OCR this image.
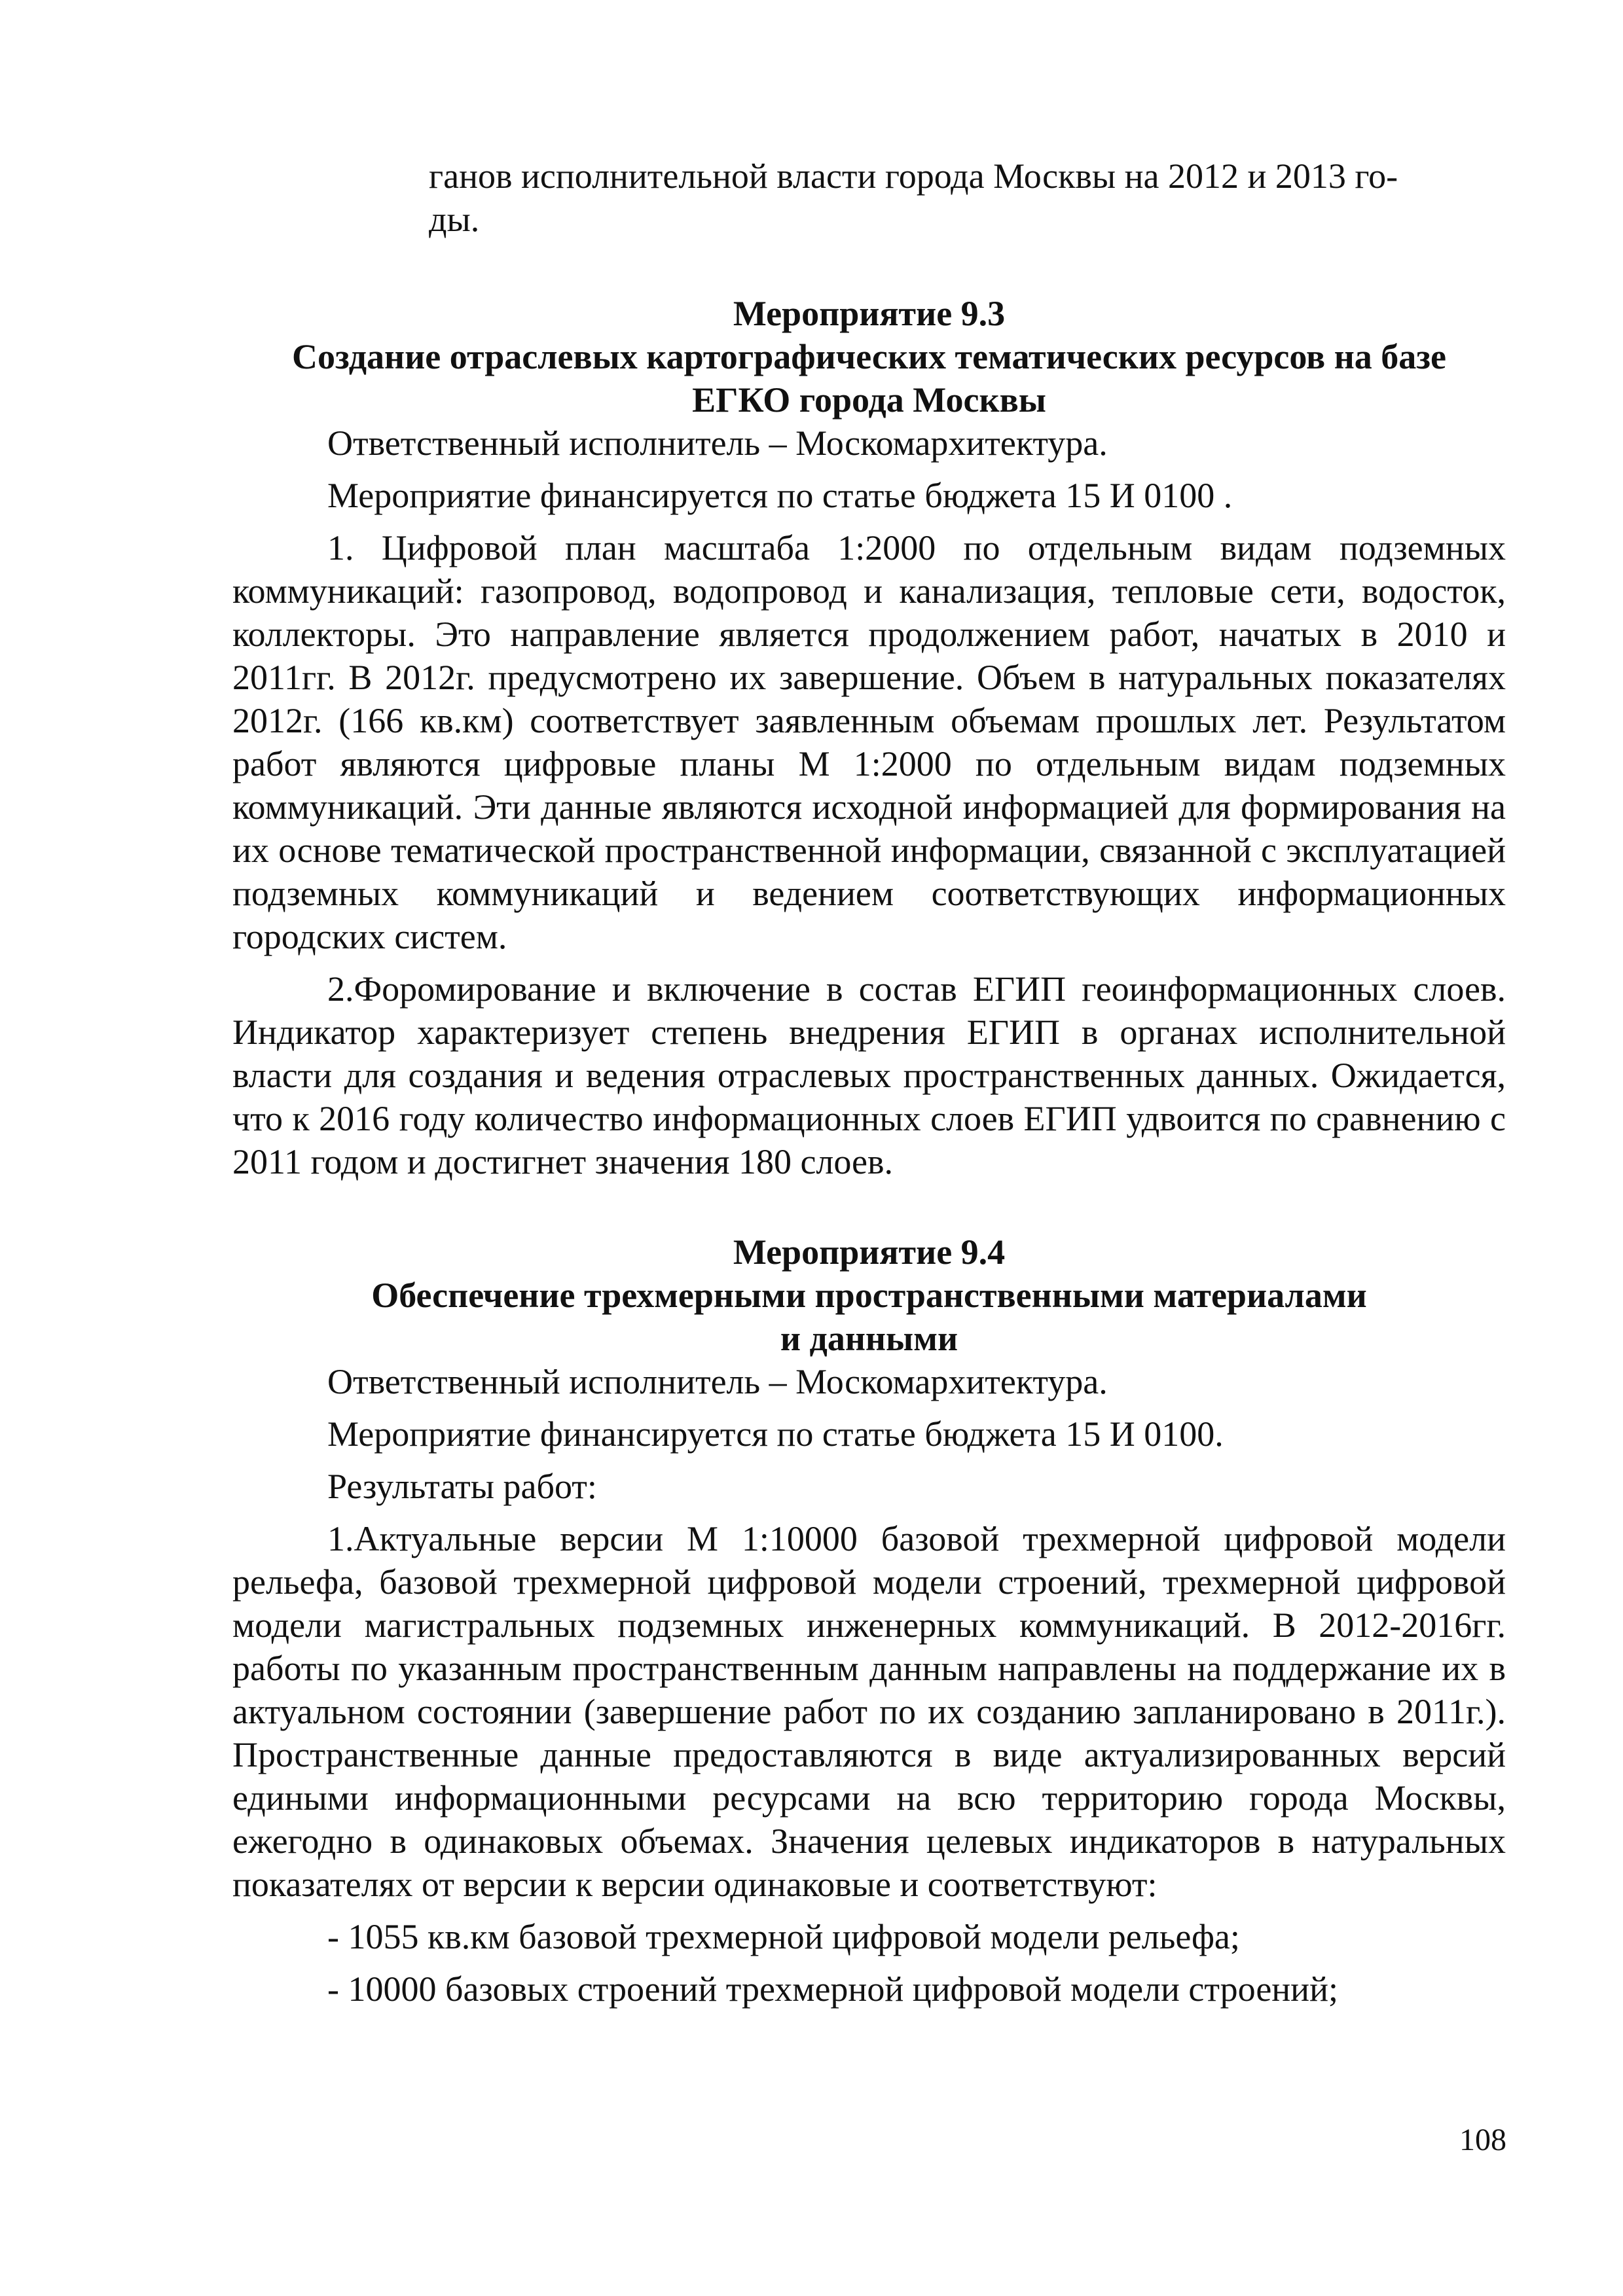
ганов исполнительной власти города Москвы на 2012 и 2013 го-

ды.

Мероприятие 9.3

Создание отраслевых картографических тематических ресурсов на базе

ЕГКО города Москвы

Ответственный исполнитель – Москомархитектура.

Мероприятие финансируется по статье бюджета 15 И 0100 .

1. Цифровой план масштаба 1:2000 по отдельным видам подземных коммуникаций: газопровод, водопровод и канализация, тепловые сети, водосток, коллекторы. Это направление является продолжением работ, начатых в 2010 и 2011гг. В 2012г. предусмотрено их завершение. Объем в натуральных показателях 2012г. (166 кв.км) соответствует заявленным объемам прошлых лет. Результатом работ являются цифровые планы М 1:2000 по отдельным видам подземных коммуникаций. Эти данные являются исходной информацией для формирования на их основе тематической пространственной информации, связанной с эксплуатацией подземных коммуникаций и ведением соответствующих информационных городских систем.

2.Форомирование и включение в состав ЕГИП геоинформационных слоев. Индикатор характеризует степень внедрения ЕГИП в органах исполнительной власти для создания и ведения отраслевых пространственных данных. Ожидается, что к 2016 году количество информационных слоев ЕГИП удвоится по сравнению с 2011 годом и достигнет значения 180 слоев.

Мероприятие 9.4

Обеспечение трехмерными пространственными материалами

и данными

Ответственный исполнитель – Москомархитектура.

Мероприятие финансируется по статье бюджета 15 И 0100.

Результаты работ:

1.Актуальные версии М 1:10000 базовой трехмерной цифровой модели рельефа, базовой трехмерной цифровой модели строений, трехмерной цифровой модели магистральных подземных инженерных коммуникаций. В 2012-2016гг. работы по указанным пространственным данным направлены на поддержание их в актуальном состоянии (завершение работ по их созданию запланировано в 2011г.). Пространственные данные предоставляются в виде актуализированных версий едиными информационными ресурсами на всю территорию города Москвы, ежегодно в одинаковых объемах. Значения целевых индикаторов в натуральных показателях от версии к версии одинаковые и соответствуют:

- 1055 кв.км базовой трехмерной цифровой модели рельефа;

- 10000 базовых строений трехмерной цифровой модели строений;

108
